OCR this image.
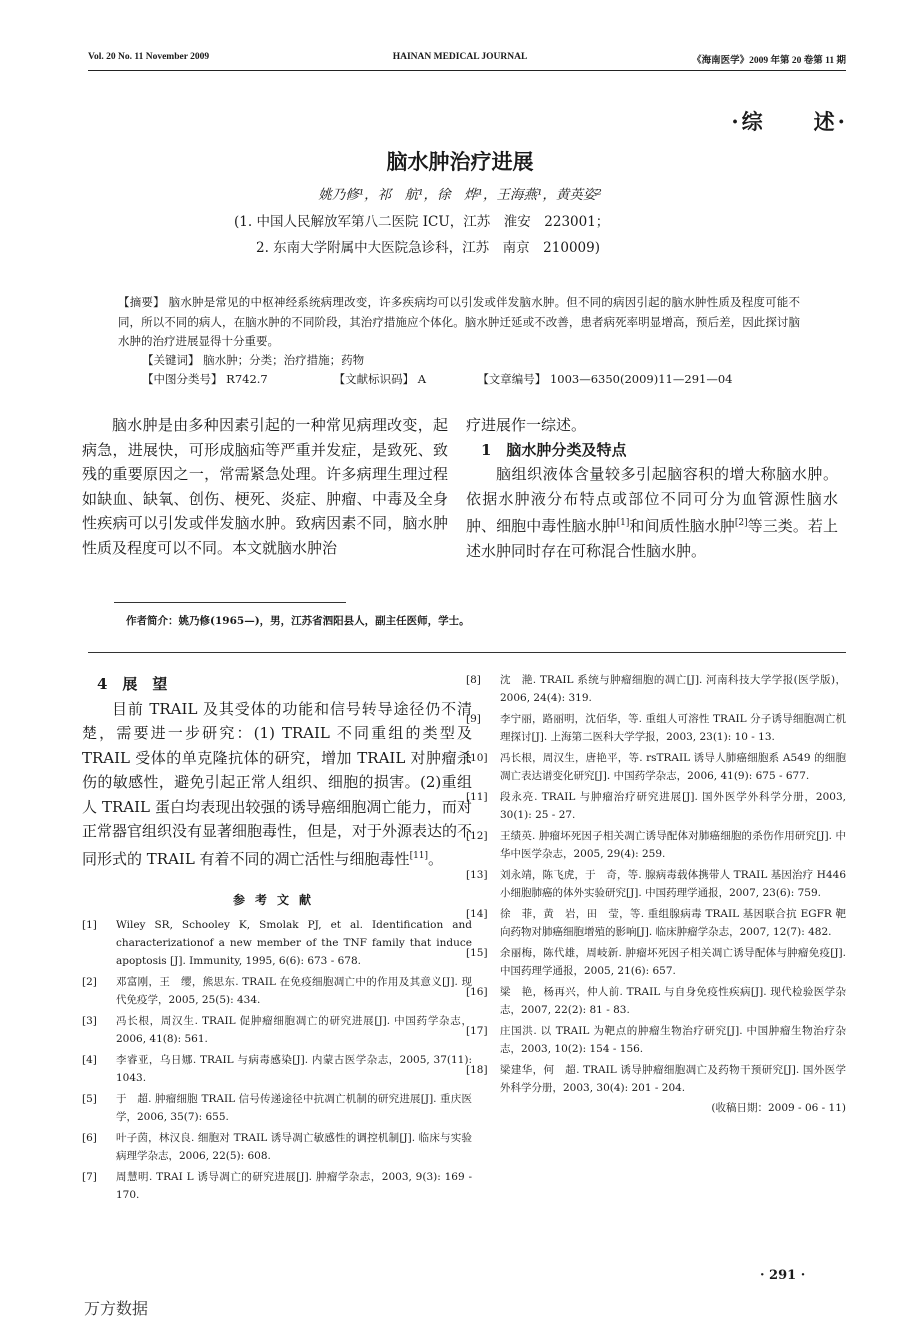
Vol. 20 No. 11 November 2009	HAINAN MEDICAL JOURNAL	《海南医学》2009 年第 20 卷第 11 期
·综　　述·
脑水肿治疗进展
姚乃修¹，祁　航¹，徐　烨¹，王海燕¹，黄英姿²
(1. 中国人民解放军第八二医院 ICU，江苏　淮安　223001；
2. 东南大学附属中大医院急诊科，江苏　南京　210009)
【摘要】 脑水肿是常见的中枢神经系统病理改变，许多疾病均可以引发或伴发脑水肿。但不同的病因引起的脑水肿性质及程度可能不同，所以不同的病人，在脑水肿的不同阶段，其治疗措施应个体化。脑水肿迁延或不改善，患者病死率明显增高，预后差，因此探讨脑水肿的治疗进展显得十分重要。
【关键词】 脑水肿；分类；治疗措施；药物
【中图分类号】 R742.7	【文献标识码】 A	【文章编号】 1003—6350(2009)11—291—04

脑水肿是由多种因素引起的一种常见病理改变，起病急，进展快，可形成脑疝等严重并发症，是致死、致残的重要原因之一，常需紧急处理。许多病理生理过程如缺血、缺氧、创伤、梗死、炎症、肿瘤、中毒及全身性疾病可以引发或伴发脑水肿。致病因素不同，脑水肿性质及程度可以不同。本文就脑水肿治

疗进展作一综述。

1　脑水肿分类及特点

脑组织液体含量较多引起脑容积的增大称脑水肿。依据水肿液分布特点或部位不同可分为血管源性脑水肿、细胞中毒性脑水肿[1]和间质性脑水肿[2]等三类。若上述水肿同时存在可称混合性脑水肿。

作者简介：姚乃修(1965—)，男，江苏省泗阳县人，副主任医师，学士。

4　展　望

目前 TRAIL 及其受体的功能和信号转导途径仍不清楚，需要进一步研究：(1) TRAIL 不同重组的类型及 TRAIL 受体的单克隆抗体的研究，增加 TRAIL 对肿瘤杀伤的敏感性，避免引起正常人组织、细胞的损害。(2)重组人 TRAIL 蛋白均表现出较强的诱导癌细胞凋亡能力，而对正常器官组织没有显著细胞毒性，但是，对于外源表达的不同形式的 TRAIL 有着不同的凋亡活性与细胞毒性[11]。

参考文献
[1]	Wiley SR, Schooley K, Smolak PJ, et al. Identification and characterizationof a new member of the TNF family that induce apoptosis [J]. Immunity, 1995, 6(6): 673 - 678.
[2]	邓富刚，王　缨，熊思东. TRAIL 在免疫细胞凋亡中的作用及其意义[J]. 现代免疫学，2005, 25(5): 434.
[3]	冯长根，周汉生. TRAIL 促肿瘤细胞凋亡的研究进展[J]. 中国药学杂志，2006, 41(8): 561.
[4]	李睿亚，乌日娜. TRAIL 与病毒感染[J]. 内蒙古医学杂志，2005, 37(11): 1043.
[5]	于　超. 肿瘤细胞 TRAIL 信号传递途径中抗凋亡机制的研究进展[J]. 重庆医学，2006, 35(7): 655.
[6]	叶子茵，林汉良. 细胞对 TRAIL 诱导凋亡敏感性的调控机制[J]. 临床与实验病理学杂志，2006, 22(5): 608.
[7]	周慧明. TRAI L 诱导凋亡的研究进展[J]. 肿瘤学杂志，2003, 9(3): 169 - 170.
[8]	沈　滟. TRAIL 系统与肿瘤细胞的凋亡[J]. 河南科技大学学报(医学版)，2006, 24(4): 319.
[9]	李宁丽，路丽明，沈佰华，等. 重组人可溶性 TRAIL 分子诱导细胞凋亡机理探讨[J]. 上海第二医科大学学报，2003, 23(1): 10 - 13.
[10]	冯长根，周汉生，唐艳平，等. rsTRAIL 诱导人肺癌细胞系 A549 的细胞凋亡表达谱变化研究[J]. 中国药学杂志，2006, 41(9): 675 - 677.
[11]	段永亮. TRAIL 与肿瘤治疗研究进展[J]. 国外医学外科学分册，2003, 30(1): 25 - 27.
[12]	王绩英. 肿瘤坏死因子相关凋亡诱导配体对肺癌细胞的杀伤作用研究[J]. 中华中医学杂志，2005, 29(4): 259.
[13]	刘永靖，陈飞虎，于　奇，等. 腺病毒载体携带人 TRAIL 基因治疗 H446 小细胞肺癌的体外实验研究[J]. 中国药理学通报，2007, 23(6): 759.
[14]	徐　菲，黄　岩，田　莹，等. 重组腺病毒 TRAIL 基因联合抗 EGFR 靶向药物对肺癌细胞增殖的影响[J]. 临床肿瘤学杂志，2007, 12(7): 482.
[15]	余丽梅，陈代雄，周岐新. 肿瘤坏死因子相关凋亡诱导配体与肿瘤免疫[J]. 中国药理学通报，2005, 21(6): 657.
[16]	梁　艳，杨再兴，仲人前. TRAIL 与自身免疫性疾病[J]. 现代检验医学杂志，2007, 22(2): 81 - 83.
[17]	庄国洪. 以 TRAIL 为靶点的肿瘤生物治疗研究[J]. 中国肿瘤生物治疗杂志，2003, 10(2): 154 - 156.
[18]	梁建华，何　超. TRAIL 诱导肿瘤细胞凋亡及药物干预研究[J]. 国外医学外科学分册，2003, 30(4): 201 - 204.
(收稿日期：2009 - 06 - 11)
· 291 ·
万方数据
